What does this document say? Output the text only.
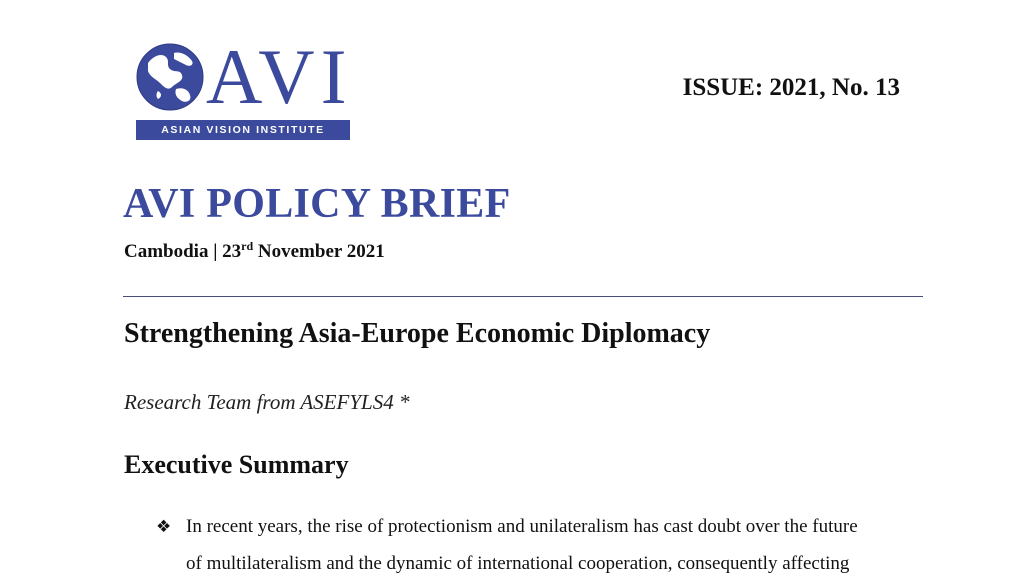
AVI
ASIAN VISION INSTITUTE
ISSUE: 2021, No. 13
AVI POLICY BRIEF
Cambodia | 23rd November 2021
Strengthening Asia-Europe Economic Diplomacy
Research Team from ASEFYLS4 *
Executive Summary
❖ In recent years, the rise of protectionism and unilateralism has cast doubt over the future
of multilateralism and the dynamic of international cooperation, consequently affecting
